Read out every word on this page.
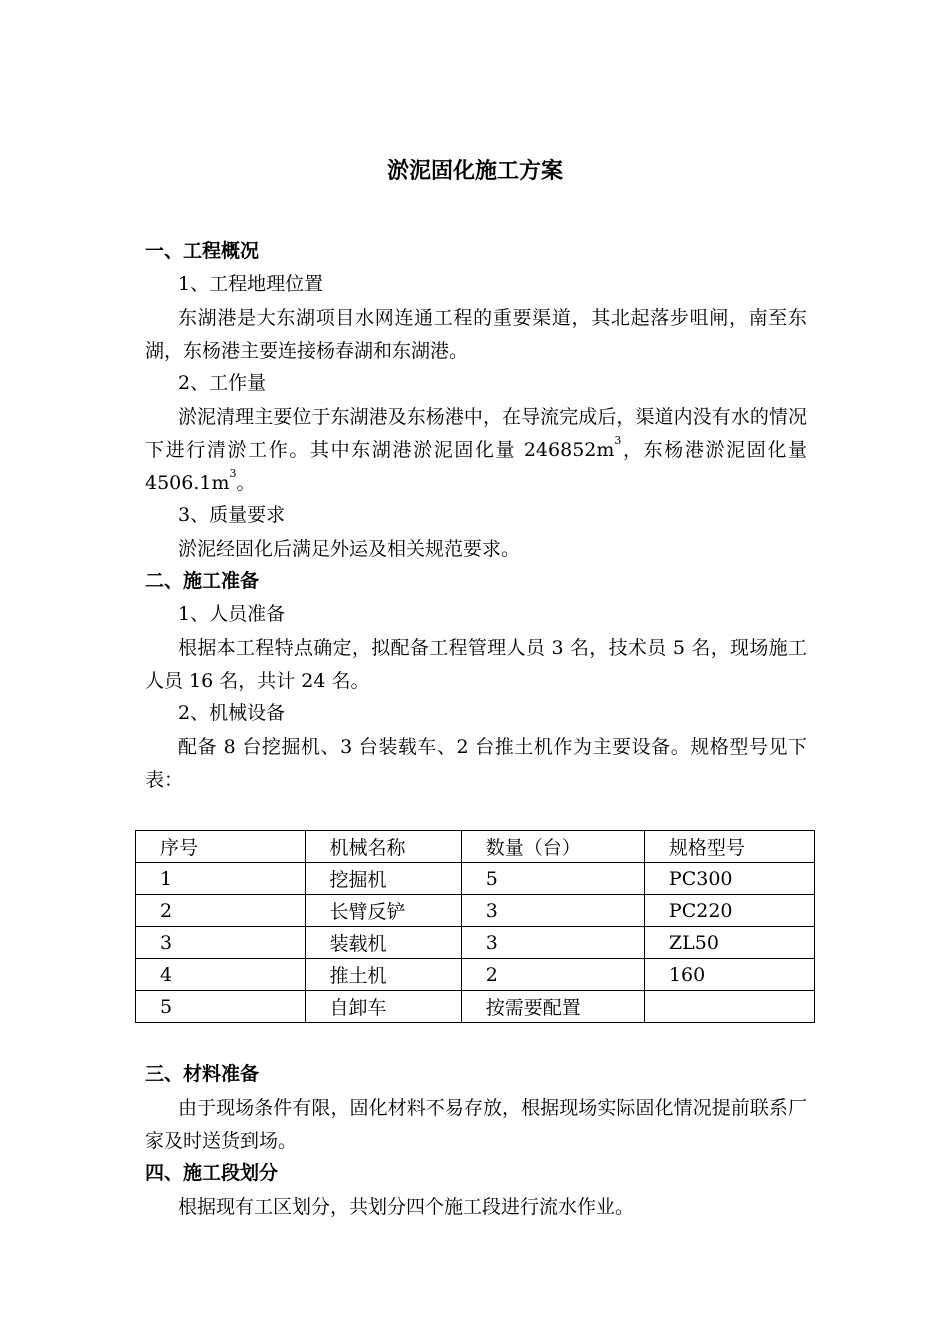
淤泥固化施工方案
一、工程概况
1、工程地理位置
东湖港是大东湖项目水网连通工程的重要渠道，其北起落步咀闸，南至东湖，东杨港主要连接杨春湖和东湖港。
2、工作量
淤泥清理主要位于东湖港及东杨港中，在导流完成后，渠道内没有水的情况下进行清淤工作。其中东湖港淤泥固化量 $246852m^3$，东杨港淤泥固化量 $4506.1m^3$。
3、质量要求
淤泥经固化后满足外运及相关规范要求。
二、施工准备
1、人员准备
根据本工程特点确定，拟配备工程管理人员 3 名，技术员 5 名，现场施工人员 16 名，共计 24 名。
2、机械设备
配备 8 台挖掘机、3 台装载车、2 台推土机作为主要设备。规格型号见下表：
序号	机械名称	数量（台）	规格型号
1	挖掘机	5	PC300
2	长臂反铲	3	PC220
3	装载机	3	ZL50
4	推土机	2	160
5	自卸车	按需要配置	
三、材料准备
由于现场条件有限，固化材料不易存放，根据现场实际固化情况提前联系厂家及时送货到场。
四、施工段划分
根据现有工区划分，共划分四个施工段进行流水作业。
